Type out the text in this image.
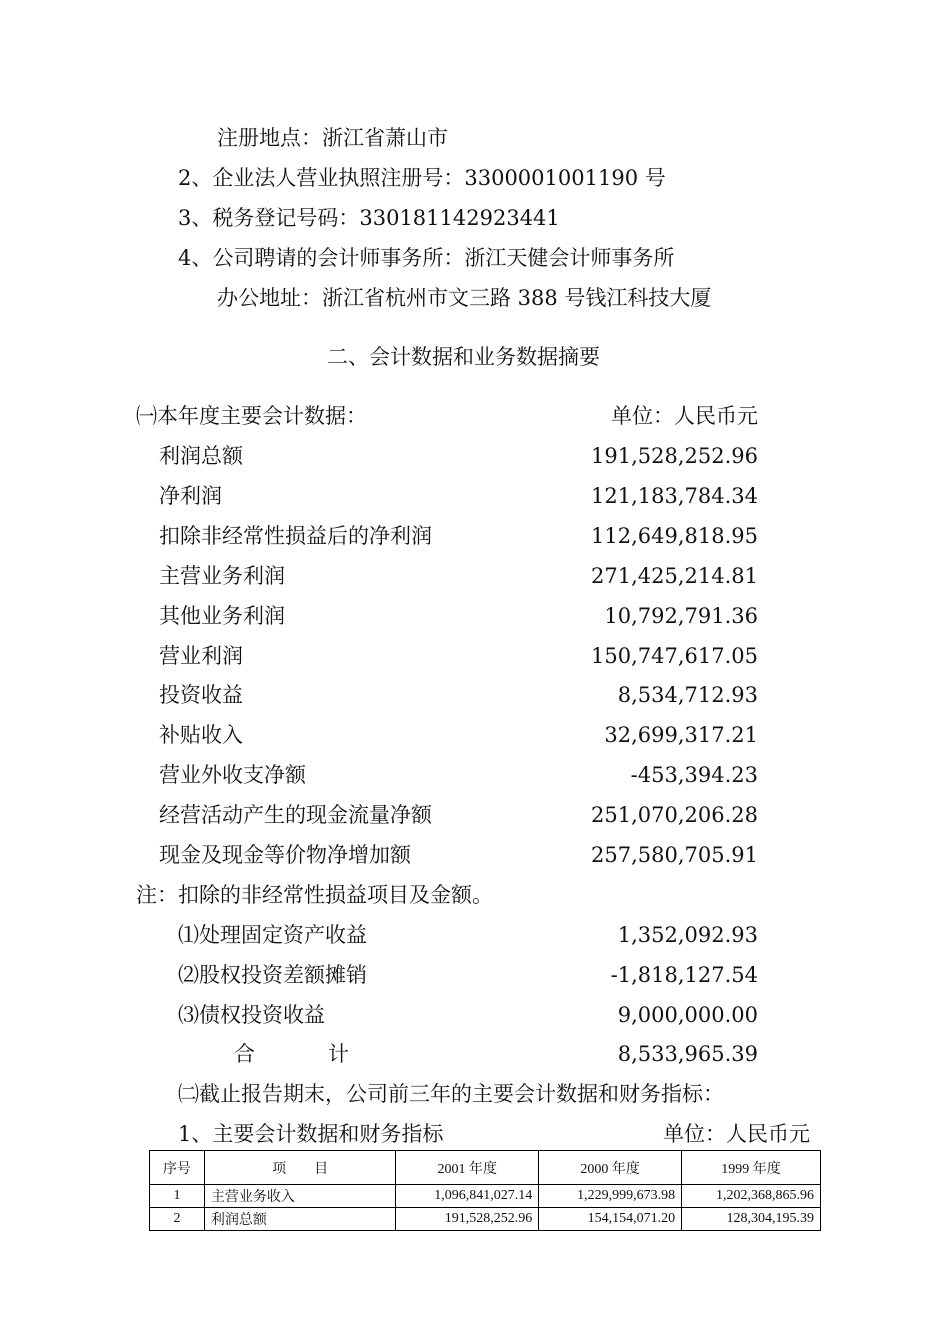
注册地点：浙江省萧山市
2、企业法人营业执照注册号：3300001001190 号
3、税务登记号码：330181142923441
4、公司聘请的会计师事务所：浙江天健会计师事务所
办公地址：浙江省杭州市文三路 388 号钱江科技大厦
二、会计数据和业务数据摘要
㈠本年度主要会计数据：	单位：人民币元
利润总额	191,528,252.96
净利润	121,183,784.34
扣除非经常性损益后的净利润	112,649,818.95
主营业务利润	271,425,214.81
其他业务利润	10,792,791.36
营业利润	150,747,617.05
投资收益	8,534,712.93
补贴收入	32,699,317.21
营业外收支净额	-453,394.23
经营活动产生的现金流量净额	251,070,206.28
现金及现金等价物净增加额	257,580,705.91
注：扣除的非经常性损益项目及金额。
⑴处理固定资产收益	1,352,092.93
⑵股权投资差额摊销	-1,818,127.54
⑶债权投资收益	9,000,000.00
合	计	8,533,965.39
㈡截止报告期末，公司前三年的主要会计数据和财务指标：
1、主要会计数据和财务指标	单位：人民币元
序号	项　　目	2001 年度	2000 年度	1999 年度
1	主营业务收入	1,096,841,027.14	1,229,999,673.98	1,202,368,865.96
2	利润总额	191,528,252.96	154,154,071.20	128,304,195.39
